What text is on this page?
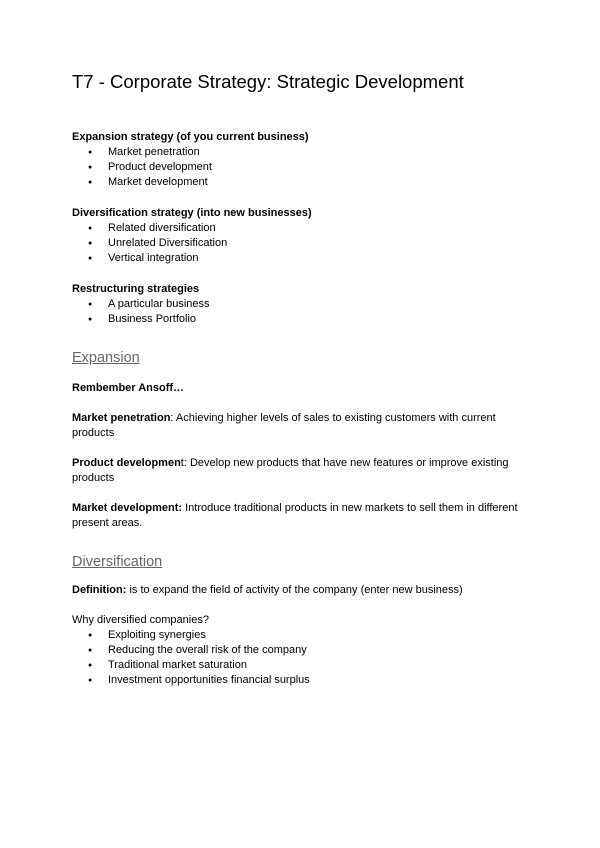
T7 - Corporate Strategy: Strategic Development
Expansion strategy (of you current business)
● Market penetration
● Product development
● Market development
Diversification strategy (into new businesses)
● Related diversification
● Unrelated Diversification
● Vertical integration
Restructuring strategies
● A particular business
● Business Portfolio
Expansion

Rembember Ansoff…

Market penetration: Achieving higher levels of sales to existing customers with current products

Product development: Develop new products that have new features or improve existing products

Market development: Introduce traditional products in new markets to sell them in different present areas.

Diversification

Definition: is to expand the field of activity of the company (enter new business)

Why diversified companies?

● Exploiting synergies
● Reducing the overall risk of the company
● Traditional market saturation
● Investment opportunities financial surplus
